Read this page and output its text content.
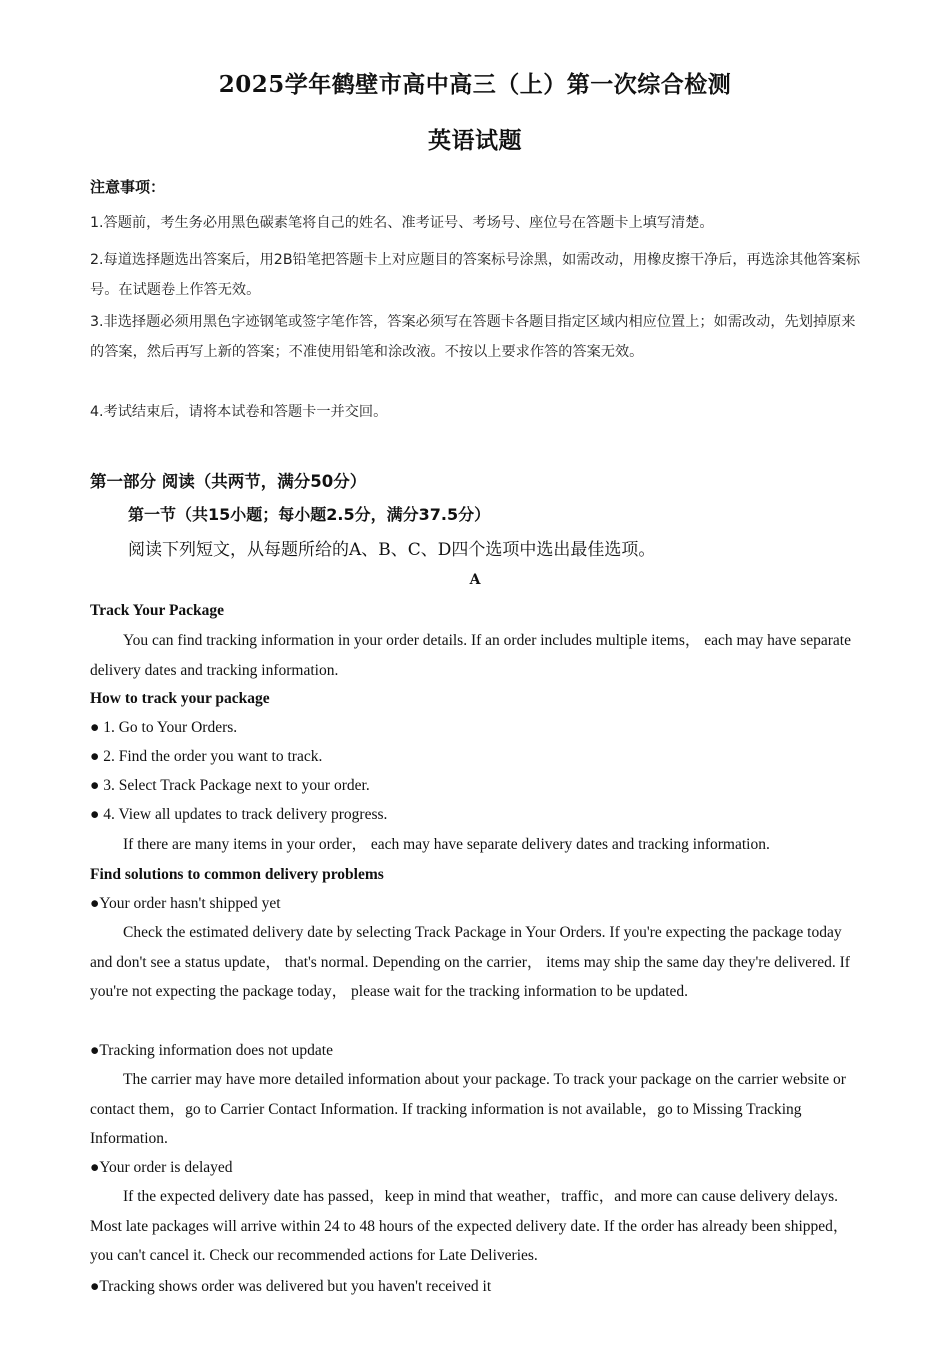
2025学年鹤壁市高中高三（上）第一次综合检测
英语试题
注意事项：
1.答题前，考生务必用黑色碳素笔将自己的姓名、准考证号、考场号、座位号在答题卡上填写清楚。
2.每道选择题选出答案后，用2B铅笔把答题卡上对应题目的答案标号涂黑，如需改动，用橡皮擦干净后，再选涂其他答案标号。在试题卷上作答无效。
3.非选择题必须用黑色字迹钢笔或签字笔作答，答案必须写在答题卡各题目指定区域内相应位置上；如需改动，先划掉原来的答案，然后再写上新的答案；不准使用铅笔和涂改液。不按以上要求作答的答案无效。
4.考试结束后，请将本试卷和答题卡一并交回。
第一部分 阅读（共两节，满分50分）
第一节（共15小题；每小题2.5分，满分37.5分）
阅读下列短文，从每题所给的A、B、C、D四个选项中选出最佳选项。
A
Track Your Package
You can find tracking information in your order details. If an order includes multiple items， each may have separate delivery dates and tracking information.
How to track your package
● 1. Go to Your Orders.
● 2. Find the order you want to track.
● 3. Select Track Package next to your order.
● 4. View all updates to track delivery progress.
If there are many items in your order， each may have separate delivery dates and tracking information.
Find solutions to common delivery problems
●Your order hasn't shipped yet
Check the estimated delivery date by selecting Track Package in Your Orders. If you're expecting the package today and don't see a status update， that's normal. Depending on the carrier， items may ship the same day they're delivered. If you're not expecting the package today， please wait for the tracking information to be updated.
●Tracking information does not update
The carrier may have more detailed information about your package. To track your package on the carrier website or contact them，go to Carrier Contact Information. If tracking information is not available，go to Missing Tracking Information.
●Your order is delayed
If the expected delivery date has passed，keep in mind that weather，traffic，and more can cause delivery delays. Most late packages will arrive within 24 to 48 hours of the expected delivery date. If the order has already been shipped，you can't cancel it. Check our recommended actions for Late Deliveries.
●Tracking shows order was delivered but you haven't received it
